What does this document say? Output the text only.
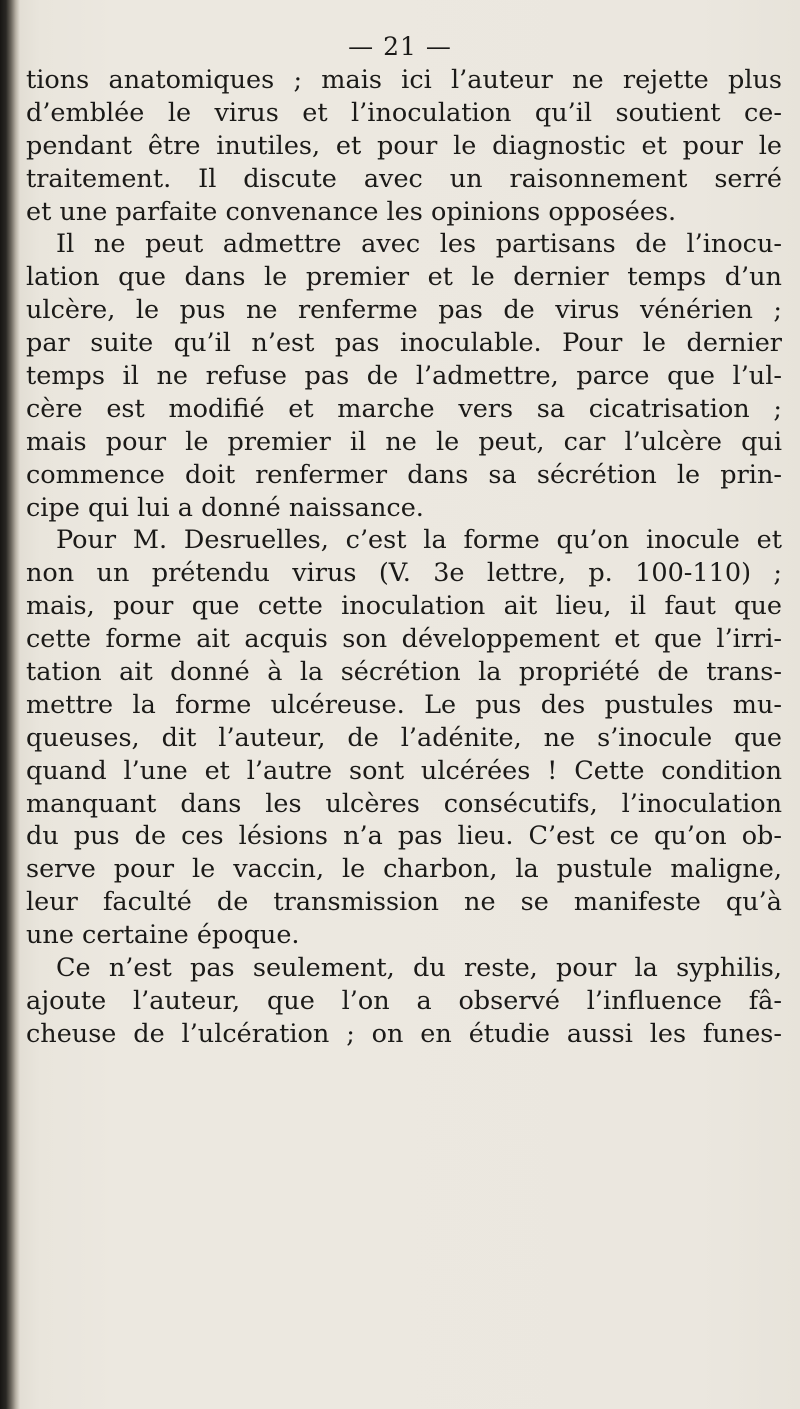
— 21 —
tions anatomiques ; mais ici l’auteur ne rejette plus
d’emblée le virus et l’inoculation qu’il soutient ce-
pendant être inutiles, et pour le diagnostic et pour le
traitement. Il discute avec un raisonnement serré
et une parfaite convenance les opinions opposées.
Il ne peut admettre avec les partisans de l’inocu-
lation que dans le premier et le dernier temps d’un
ulcère, le pus ne renferme pas de virus vénérien ;
par suite qu’il n’est pas inoculable. Pour le dernier
temps il ne refuse pas de l’admettre, parce que l’ul-
cère est modifié et marche vers sa cicatrisation ;
mais pour le premier il ne le peut, car l’ulcère qui
commence doit renfermer dans sa sécrétion le prin-
cipe qui lui a donné naissance.
Pour M. Desruelles, c’est la forme qu’on inocule et
non un prétendu virus (V. 3e lettre, p. 100-110) ;
mais, pour que cette inoculation ait lieu, il faut que
cette forme ait acquis son développement et que l’irri-
tation ait donné à la sécrétion la propriété de trans-
mettre la forme ulcéreuse. Le pus des pustules mu-
queuses, dit l’auteur, de l’adénite, ne s’inocule que
quand l’une et l’autre sont ulcérées ! Cette condition
manquant dans les ulcères consécutifs, l’inoculation
du pus de ces lésions n’a pas lieu. C’est ce qu’on ob-
serve pour le vaccin, le charbon, la pustule maligne,
leur faculté de transmission ne se manifeste qu’à
une certaine époque.
Ce n’est pas seulement, du reste, pour la syphilis,
ajoute l’auteur, que l’on a observé l’influence fâ-
cheuse de l’ulcération ; on en étudie aussi les funes-
